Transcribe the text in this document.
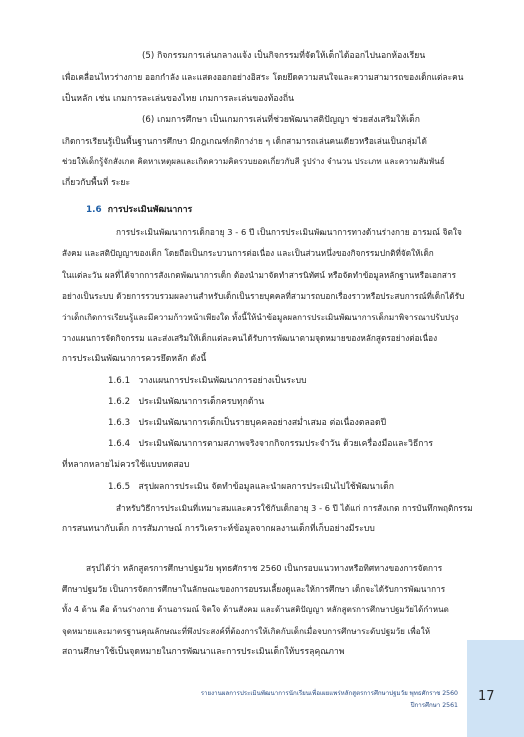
(5) กิจกรรมการเล่นกลางแจ้ง เป็นกิจกรรมที่จัดให้เด็กได้ออกไปนอกห้องเรียน
เพื่อเคลื่อนไหวร่างกาย ออกกำลัง และแสดงออกอย่างอิสระ โดยยึดความสนใจและความสามารถของเด็กแต่ละคน
เป็นหลัก เช่น เกมการละเล่นของไทย เกมการละเล่นของท้องถิ่น
(6) เกมการศึกษา เป็นเกมการเล่นที่ช่วยพัฒนาสติปัญญา ช่วยส่งเสริมให้เด็ก
เกิดการเรียนรู้เป็นพื้นฐานการศึกษา มีกฎเกณฑ์กติกาง่าย ๆ เด็กสามารถเล่นคนเดียวหรือเล่นเป็นกลุ่มได้
ช่วยให้เด็กรู้จักสังเกต คิดหาเหตุผลและเกิดความคิดรวบยอดเกี่ยวกับสี รูปร่าง จำนวน ประเภท และความสัมพันธ์
เกี่ยวกับพื้นที่ ระยะ
1.6 การประเมินพัฒนาการ
การประเมินพัฒนาการเด็กอายุ 3 - 6 ปี เป็นการประเมินพัฒนาการทางด้านร่างกาย อารมณ์ จิตใจ
สังคม และสติปัญญาของเด็ก โดยถือเป็นกระบวนการต่อเนื่อง และเป็นส่วนหนึ่งของกิจกรรมปกติที่จัดให้เด็ก
ในแต่ละวัน ผลที่ได้จากการสังเกตพัฒนาการเด็ก ต้องนำมาจัดทำสารนิทัศน์ หรือจัดทำข้อมูลหลักฐานหรือเอกสาร
อย่างเป็นระบบ ด้วยการรวบรวมผลงานสำหรับเด็กเป็นรายบุคคลที่สามารถบอกเรื่องราวหรือประสบการณ์ที่เด็กได้รับ
ว่าเด็กเกิดการเรียนรู้และมีความก้าวหน้าเพียงใด ทั้งนี้ให้นำข้อมูลผลการประเมินพัฒนาการเด็กมาพิจารณาปรับปรุง
วางแผนการจัดกิจกรรม และส่งเสริมให้เด็กแต่ละคนได้รับการพัฒนาตามจุดหมายของหลักสูตรอย่างต่อเนื่อง
การประเมินพัฒนาการควรยึดหลัก ดังนี้
1.6.1 วางแผนการประเมินพัฒนาการอย่างเป็นระบบ
1.6.2 ประเมินพัฒนาการเด็กครบทุกด้าน
1.6.3 ประเมินพัฒนาการเด็กเป็นรายบุคคลอย่างสม่ำเสมอ ต่อเนื่องตลอดปี
1.6.4 ประเมินพัฒนาการตามสภาพจริงจากกิจกรรมประจำวัน ด้วยเครื่องมือและวิธีการ
ที่หลากหลายไม่ควรใช้แบบทดสอบ
1.6.5 สรุปผลการประเมิน จัดทำข้อมูลและนำผลการประเมินไปใช้พัฒนาเด็ก
สำหรับวิธีการประเมินที่เหมาะสมและควรใช้กับเด็กอายุ 3 - 6 ปี ได้แก่ การสังเกต การบันทึกพฤติกรรม
การสนทนากับเด็ก การสัมภาษณ์ การวิเคราะห์ข้อมูลจากผลงานเด็กที่เก็บอย่างมีระบบ
สรุปได้ว่า หลักสูตรการศึกษาปฐมวัย พุทธศักราช 2560 เป็นกรอบแนวทางหรือทิศทางของการจัดการ
ศึกษาปฐมวัย เป็นการจัดการศึกษาในลักษณะของการอบรมเลี้ยงดูและให้การศึกษา เด็กจะได้รับการพัฒนาการ
ทั้ง 4 ด้าน คือ ด้านร่างกาย ด้านอารมณ์ จิตใจ ด้านสังคม และด้านสติปัญญา หลักสูตรการศึกษาปฐมวัยได้กำหนด
จุดหมายและมาตรฐานคุณลักษณะที่พึงประสงค์ที่ต้องการให้เกิดกับเด็กเมื่อจบการศึกษาระดับปฐมวัย เพื่อให้
สถานศึกษาใช้เป็นจุดหมายในการพัฒนาและการประเมินเด็กให้บรรลุคุณภาพ
รายงานผลการประเมินพัฒนาการนักเรียนเพื่อเผยแพร่หลักสูตรการศึกษาปฐมวัย พุทธศักราช 2560
ปีการศึกษา 2561
17
